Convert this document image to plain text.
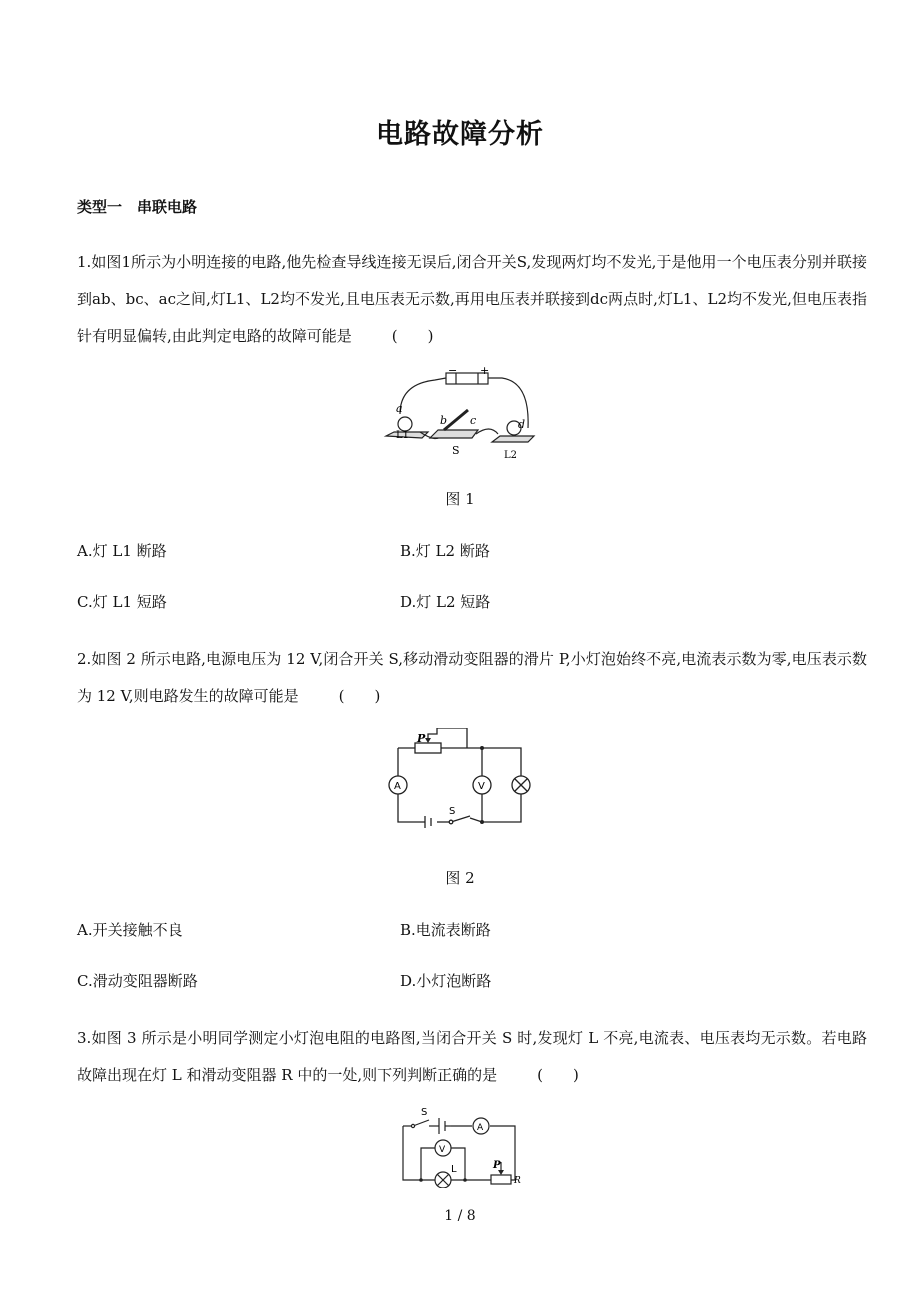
电路故障分析
类型一　串联电路
1.如图1所示为小明连接的电路,他先检查导线连接无误后,闭合开关S,发现两灯均不发光,于是他用一个电压表分别并联接到ab、bc、ac之间,灯L1、L2均不发光,且电压表无示数,再用电压表并联接到dc两点时,灯L1、L2均不发光,但电压表指针有明显偏转,由此判定电路的故障可能是	(　　)
− +
a
b c	d
L1
S	L2
图 1
A.灯 L1 断路	B.灯 L2 断路
C.灯 L1 短路	D.灯 L2 短路
2.如图 2 所示电路,电源电压为 12 V,闭合开关 S,移动滑动变阻器的滑片 P,小灯泡始终不亮,电流表示数为零,电压表示数为 12 V,则电路发生的故障可能是	(　　)
P
A	V
S
图 2
A.开关接触不良	B.电流表断路
C.滑动变阻器断路	D.小灯泡断路
3.如图 3 所示是小明同学测定小灯泡电阻的电路图,当闭合开关 S 时,发现灯 L 不亮,电流表、电压表均无示数。若电路故障出现在灯 L 和滑动变阻器 R 中的一处,则下列判断正确的是	(　　)
S
A
V
L	P
R
1 / 8
